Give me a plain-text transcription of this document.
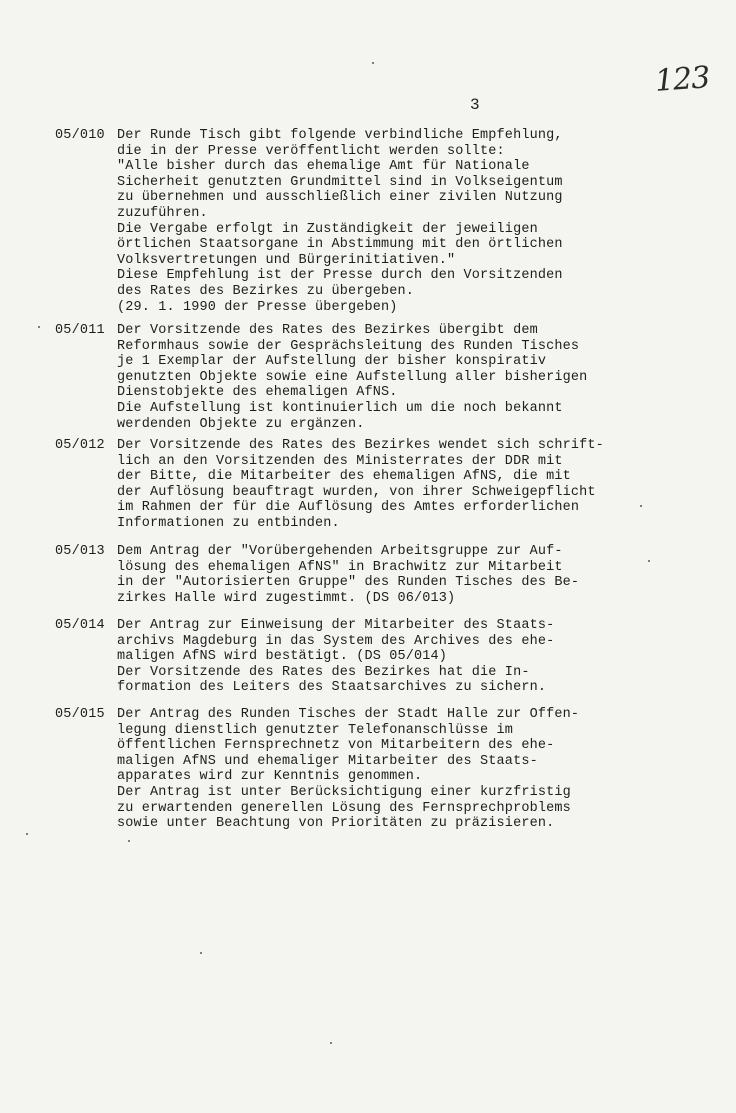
123
3
05/010 Der Runde Tisch gibt folgende verbindliche Empfehlung,
die in der Presse veröffentlicht werden sollte:
"Alle bisher durch das ehemalige Amt für Nationale
Sicherheit genutzten Grundmittel sind in Volkseigentum
zu übernehmen und ausschließlich einer zivilen Nutzung
zuzuführen.
Die Vergabe erfolgt in Zuständigkeit der jeweiligen
örtlichen Staatsorgane in Abstimmung mit den örtlichen
Volksvertretungen und Bürgerinitiativen."
Diese Empfehlung ist der Presse durch den Vorsitzenden
des Rates des Bezirkes zu übergeben.
(29. 1. 1990 der Presse übergeben)
05/011 Der Vorsitzende des Rates des Bezirkes übergibt dem
Reformhaus sowie der Gesprächsleitung des Runden Tisches
je 1 Exemplar der Aufstellung der bisher konspirativ
genutzten Objekte sowie eine Aufstellung aller bisherigen
Dienstobjekte des ehemaligen AfNS.
Die Aufstellung ist kontinuierlich um die noch bekannt
werdenden Objekte zu ergänzen.
05/012 Der Vorsitzende des Rates des Bezirkes wendet sich schrift-
lich an den Vorsitzenden des Ministerrates der DDR mit
der Bitte, die Mitarbeiter des ehemaligen AfNS, die mit
der Auflösung beauftragt wurden, von ihrer Schweigepflicht
im Rahmen der für die Auflösung des Amtes erforderlichen
Informationen zu entbinden.
05/013 Dem Antrag der "Vorübergehenden Arbeitsgruppe zur Auf-
lösung des ehemaligen AfNS" in Brachwitz zur Mitarbeit
in der "Autorisierten Gruppe" des Runden Tisches des Be-
zirkes Halle wird zugestimmt. (DS 06/013)
05/014 Der Antrag zur Einweisung der Mitarbeiter des Staats-
archivs Magdeburg in das System des Archives des ehe-
maligen AfNS wird bestätigt. (DS 05/014)
Der Vorsitzende des Rates des Bezirkes hat die In-
formation des Leiters des Staatsarchives zu sichern.
05/015 Der Antrag des Runden Tisches der Stadt Halle zur Offen-
legung dienstlich genutzter Telefonanschlüsse im
öffentlichen Fernsprechnetz von Mitarbeitern des ehe-
maligen AfNS und ehemaliger Mitarbeiter des Staats-
apparates wird zur Kenntnis genommen.
Der Antrag ist unter Berücksichtigung einer kurzfristig
zu erwartenden generellen Lösung des Fernsprechproblems
sowie unter Beachtung von Prioritäten zu präzisieren.
